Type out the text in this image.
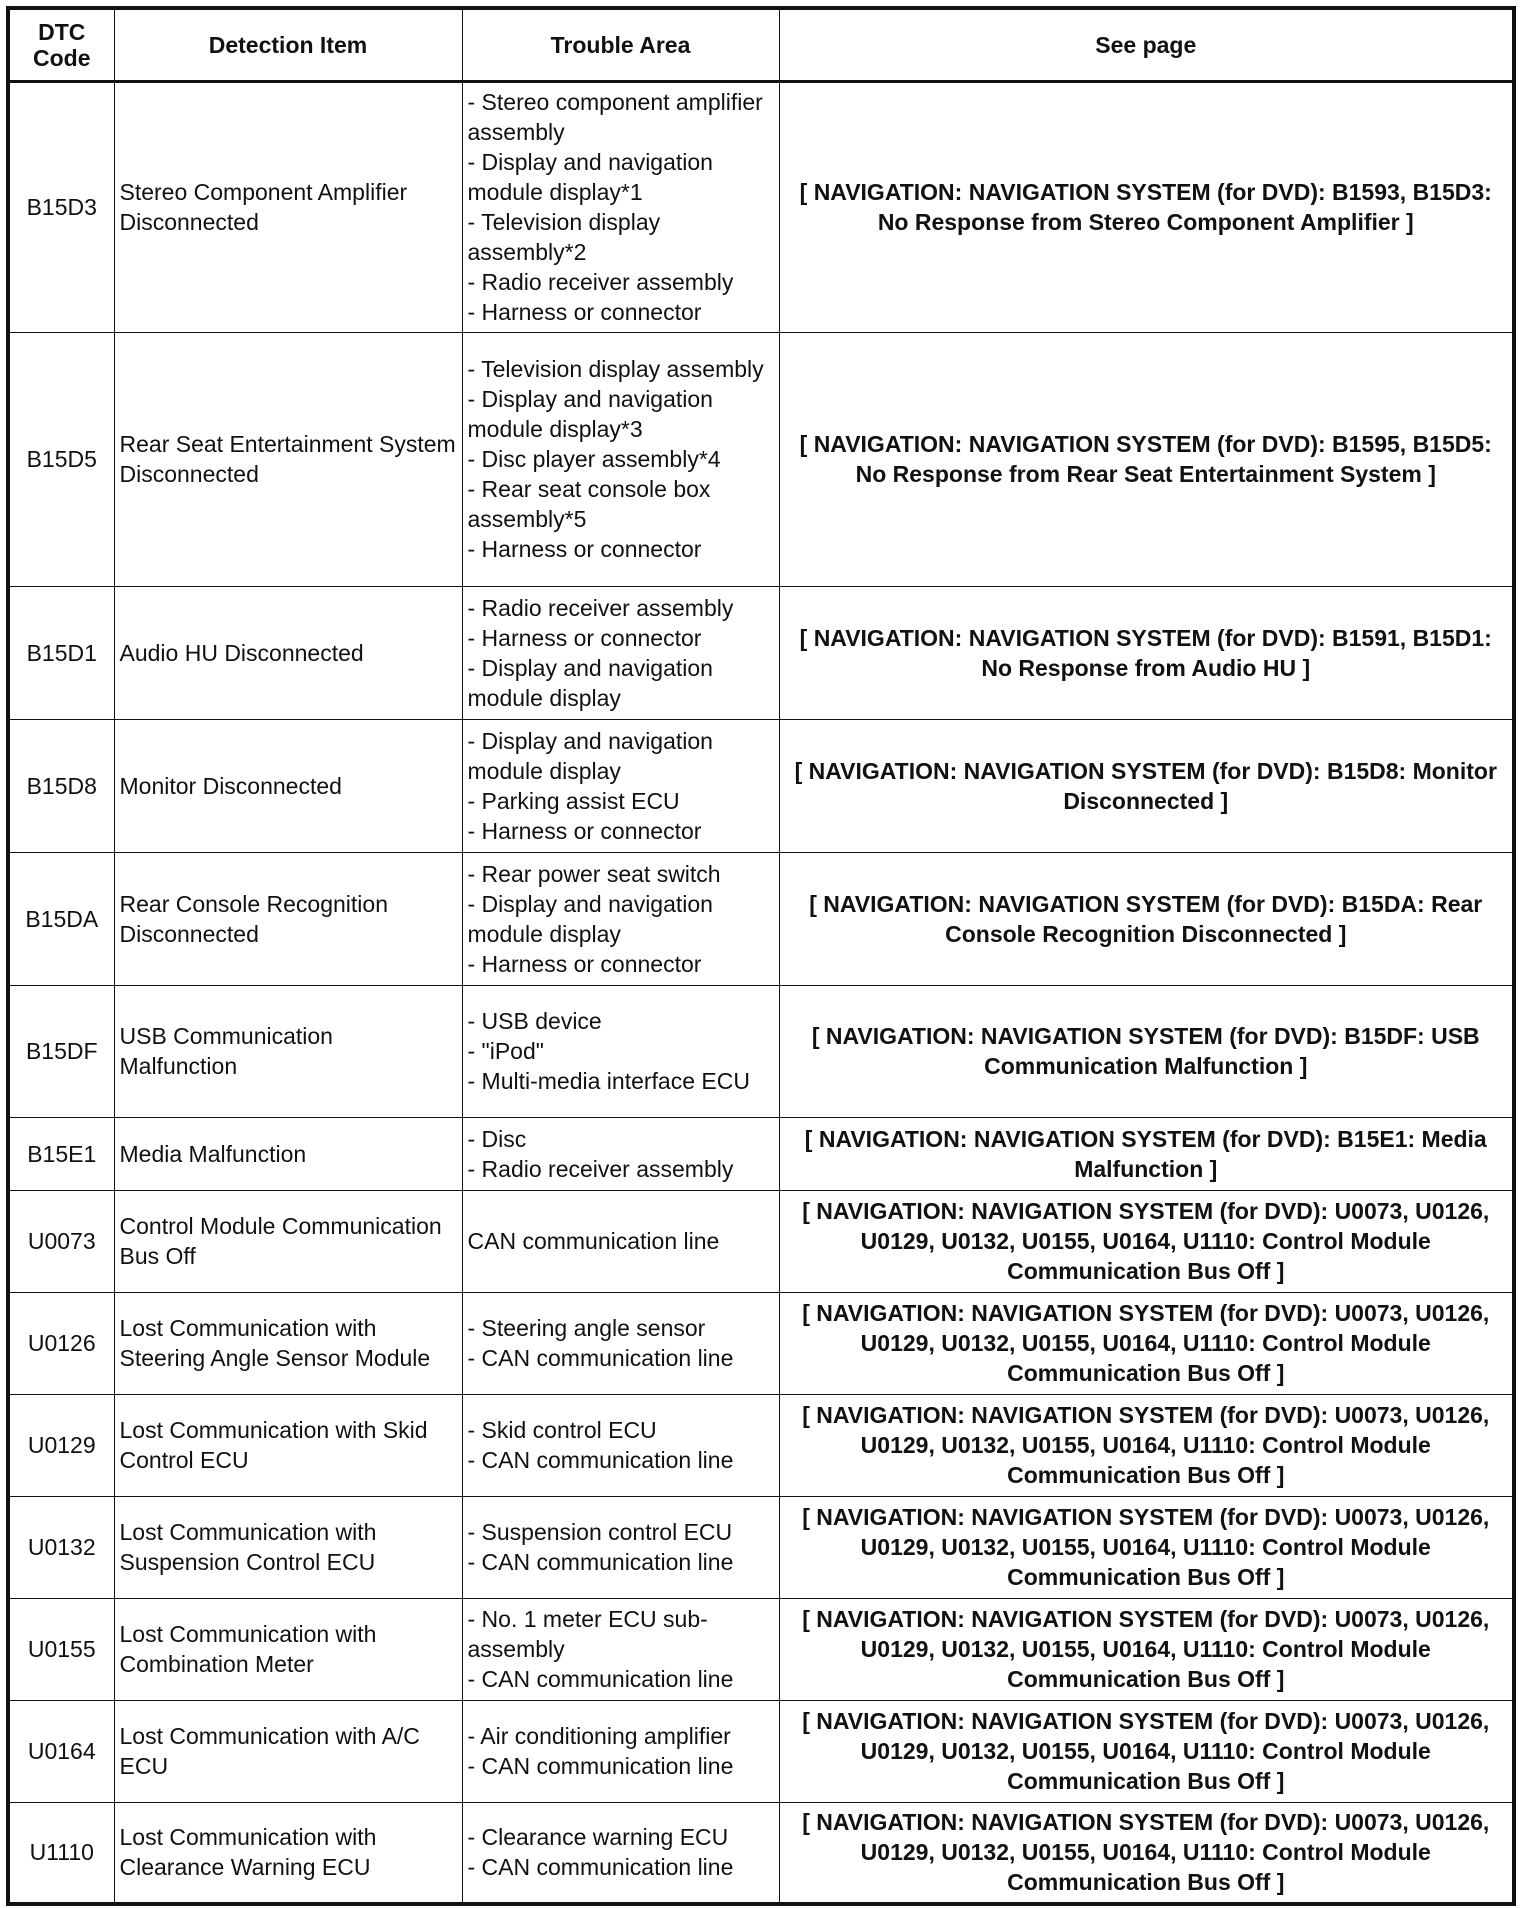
DTC Code	Detection Item	Trouble Area	See page
B15D3	Stereo Component Amplifier Disconnected	- Stereo component amplifier assembly
- Display and navigation module display*1
- Television display assembly*2
- Radio receiver assembly
- Harness or connector	[ NAVIGATION: NAVIGATION SYSTEM (for DVD): B1593, B15D3: No Response from Stereo Component Amplifier ]
B15D5	Rear Seat Entertainment System Disconnected	- Television display assembly
- Display and navigation module display*3
- Disc player assembly*4
- Rear seat console box assembly*5
- Harness or connector	[ NAVIGATION: NAVIGATION SYSTEM (for DVD): B1595, B15D5: No Response from Rear Seat Entertainment System ]
B15D1	Audio HU Disconnected	- Radio receiver assembly
- Harness or connector
- Display and navigation module display	[ NAVIGATION: NAVIGATION SYSTEM (for DVD): B1591, B15D1: No Response from Audio HU ]
B15D8	Monitor Disconnected	- Display and navigation module display
- Parking assist ECU
- Harness or connector	[ NAVIGATION: NAVIGATION SYSTEM (for DVD): B15D8: Monitor Disconnected ]
B15DA	Rear Console Recognition Disconnected	- Rear power seat switch
- Display and navigation module display
- Harness or connector	[ NAVIGATION: NAVIGATION SYSTEM (for DVD): B15DA: Rear Console Recognition Disconnected ]
B15DF	USB Communication Malfunction	- USB device
- "iPod"
- Multi-media interface ECU	[ NAVIGATION: NAVIGATION SYSTEM (for DVD): B15DF: USB Communication Malfunction ]
B15E1	Media Malfunction	- Disc
- Radio receiver assembly	[ NAVIGATION: NAVIGATION SYSTEM (for DVD): B15E1: Media Malfunction ]
U0073	Control Module Communication Bus Off	CAN communication line	[ NAVIGATION: NAVIGATION SYSTEM (for DVD): U0073, U0126, U0129, U0132, U0155, U0164, U1110: Control Module Communication Bus Off ]
U0126	Lost Communication with Steering Angle Sensor Module	- Steering angle sensor
- CAN communication line	[ NAVIGATION: NAVIGATION SYSTEM (for DVD): U0073, U0126, U0129, U0132, U0155, U0164, U1110: Control Module Communication Bus Off ]
U0129	Lost Communication with Skid Control ECU	- Skid control ECU
- CAN communication line	[ NAVIGATION: NAVIGATION SYSTEM (for DVD): U0073, U0126, U0129, U0132, U0155, U0164, U1110: Control Module Communication Bus Off ]
U0132	Lost Communication with Suspension Control ECU	- Suspension control ECU
- CAN communication line	[ NAVIGATION: NAVIGATION SYSTEM (for DVD): U0073, U0126, U0129, U0132, U0155, U0164, U1110: Control Module Communication Bus Off ]
U0155	Lost Communication with Combination Meter	- No. 1 meter ECU sub-assembly
- CAN communication line	[ NAVIGATION: NAVIGATION SYSTEM (for DVD): U0073, U0126, U0129, U0132, U0155, U0164, U1110: Control Module Communication Bus Off ]
U0164	Lost Communication with A/C ECU	- Air conditioning amplifier
- CAN communication line	[ NAVIGATION: NAVIGATION SYSTEM (for DVD): U0073, U0126, U0129, U0132, U0155, U0164, U1110: Control Module Communication Bus Off ]
U1110	Lost Communication with Clearance Warning ECU	- Clearance warning ECU
- CAN communication line	[ NAVIGATION: NAVIGATION SYSTEM (for DVD): U0073, U0126, U0129, U0132, U0155, U0164, U1110: Control Module Communication Bus Off ]
